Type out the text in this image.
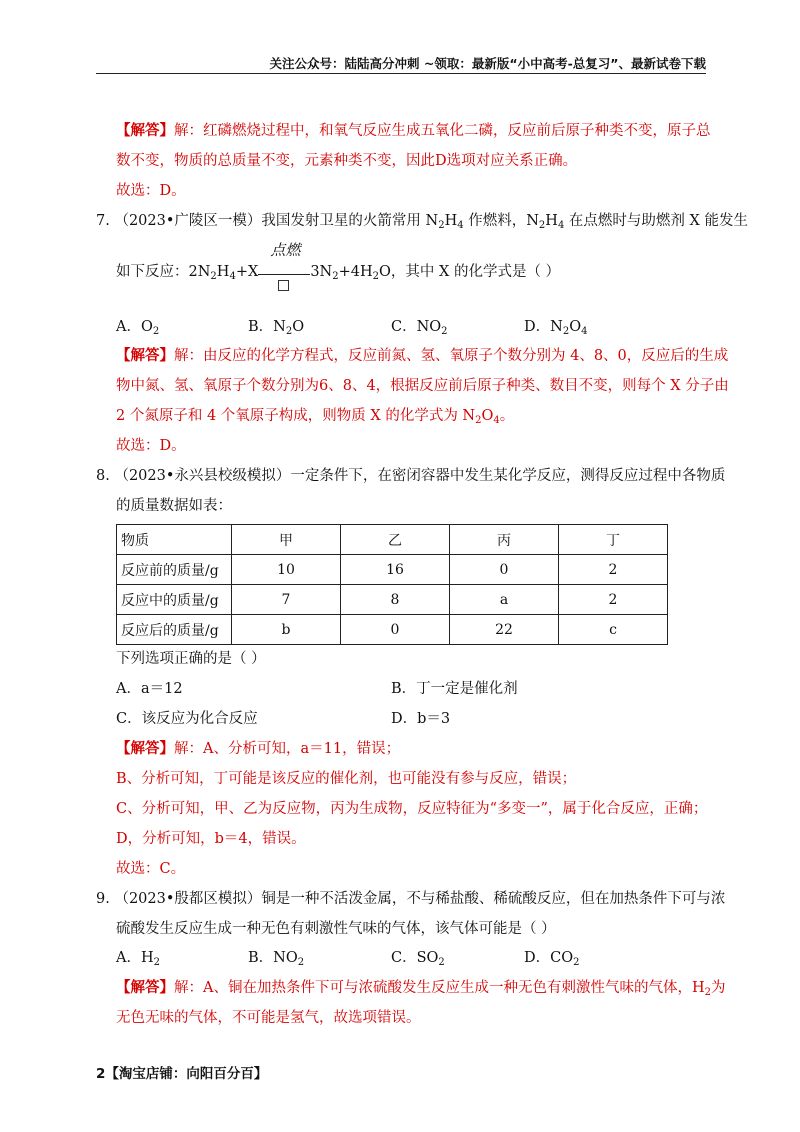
关注公众号：陆陆高分冲刺 ~领取：最新版“小中高考-总复习”、最新试卷下载
【解答】解：红磷燃烧过程中，和氧气反应生成五氧化二磷，反应前后原子种类不变，原子总
数不变，物质的总质量不变，元素种类不变，因此D选项对应关系正确。
故选：D。
7. （2023•广陵区一模）我国发射卫星的火箭常用 $N_2H_4$ 作燃料，$N_2H_4$ 在点燃时与助燃剂 X 能发生
如下反应：$2N_2H_4+X$
点燃
$3N_2+4H_2O$，其中 X 的化学式是（ ）
A．$O_2$	B．$N_2O$	C．$NO_2$	D．$N_2O_4$
【解答】解：由反应的化学方程式，反应前氮、氢、氧原子个数分别为 4、8、0，反应后的生成
物中氮、氢、氧原子个数分别为6、8、4，根据反应前后原子种类、数目不变，则每个 X 分子由
2 个氮原子和 4 个氧原子构成，则物质 X 的化学式为 $N_2O_4$。
故选：D。
8. （2023•永兴县校级模拟）一定条件下，在密闭容器中发生某化学反应，测得反应过程中各物质
的质量数据如表：
物质	甲	乙	丙	丁
反应前的质量/g	10	16	0	2
反应中的质量/g	7	8	a	2
反应后的质量/g	b	0	22	c
下列选项正确的是（ ）
A．a＝12	B．丁一定是催化剂
C．该反应为化合反应	D．b＝3
【解答】解：A、分析可知，a＝11，错误；
B、分析可知，丁可能是该反应的催化剂，也可能没有参与反应，错误；
C、分析可知，甲、乙为反应物，丙为生成物，反应特征为“多变一”，属于化合反应，正确；
D，分析可知，b＝4，错误。
故选：C。
9. （2023•殷都区模拟）铜是一种不活泼金属，不与稀盐酸、稀硫酸反应，但在加热条件下可与浓
硫酸发生反应生成一种无色有刺激性气味的气体，该气体可能是（ ）
A．$H_2$	B．$NO_2$	C．$SO_2$	D．$CO_2$
【解答】解：A、铜在加热条件下可与浓硫酸发生反应生成一种无色有刺激性气味的气体，$H_2$为
无色无味的气体，不可能是氢气，故选项错误。
2【淘宝店铺：向阳百分百】
